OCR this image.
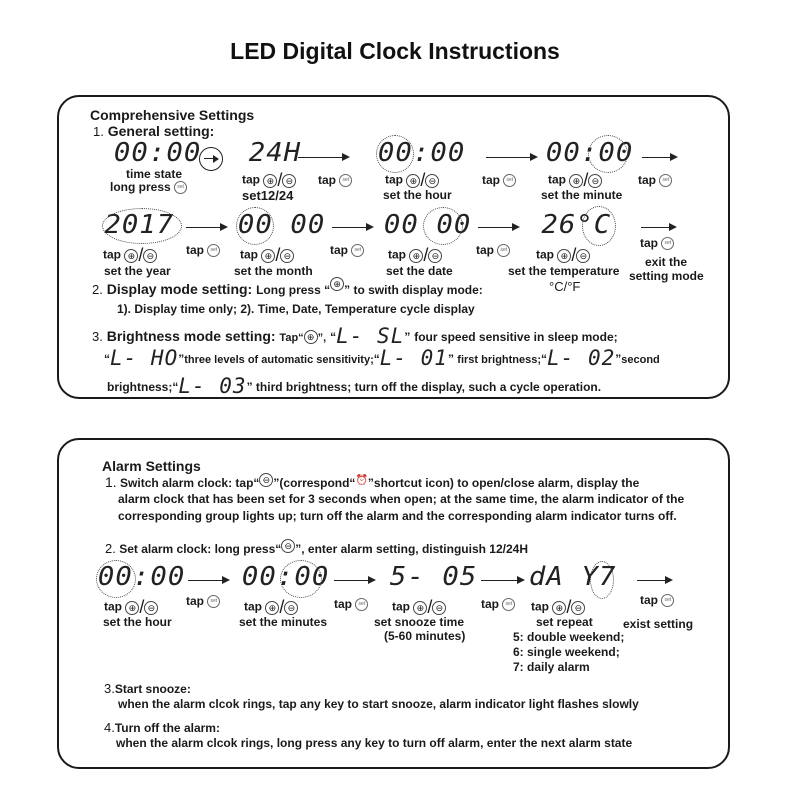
LED Digital Clock Instructions
Comprehensive Settings
1. General setting:
00:00
time state
long press set
24H
tap ⊕ / ⊖
set12/24
tap set
00:00
tap ⊕ / ⊖
set the hour
tap set
00:00
tap ⊕ / ⊖
set the minute
tap set
2017
tap ⊕ / ⊖
set the year
tap set
00 00
tap ⊕ / ⊖
set the month
tap set
00 00
tap ⊕ / ⊖
set the date
tap set
26°C
tap ⊕ / ⊖
set the temperature
°C/°F
tap set
exit the
setting mode
2. Display mode setting: Long press “ ⊕ ” to swith display mode:
1). Display time only; 2). Time, Date, Temperature cycle display
3. Brightness mode setting: Tap“ ⊕ ”, “L- SL” four speed sensitive in sleep mode;
“L- HO”three levels of automatic sensitivity;“L- 01” first brightness;“L- 02”second
brightness;“L- 03” third brightness; turn off the display, such a cycle operation.
Alarm Settings
1. Switch alarm clock: tap“ ⊖ ”(correspond“⏰”shortcut icon) to open/close alarm, display the
alarm clock that has been set for 3 seconds when open; at the same time, the alarm indicator of the
corresponding group lights up; turn off the alarm and the corresponding alarm indicator turns off.
2. Set alarm clock: long press“ ⊖ ”, enter alarm setting, distinguish 12/24H
00:00
tap ⊕ / ⊖
set the hour
tap set
00:00
tap ⊕ / ⊖
set the minutes
tap set
5- 05
tap ⊕ / ⊖
set snooze time
(5-60 minutes)
tap set
dA Y7
tap ⊕ / ⊖
set repeat
5: double weekend;
6: single weekend;
7: daily alarm
tap set
exist setting
3.Start snooze:
when the alarm clcok rings, tap any key to start snooze, alarm indicator light flashes slowly
4.Turn off the alarm:
when the alarm clcok rings, long press any key to turn off alarm, enter the next alarm state
